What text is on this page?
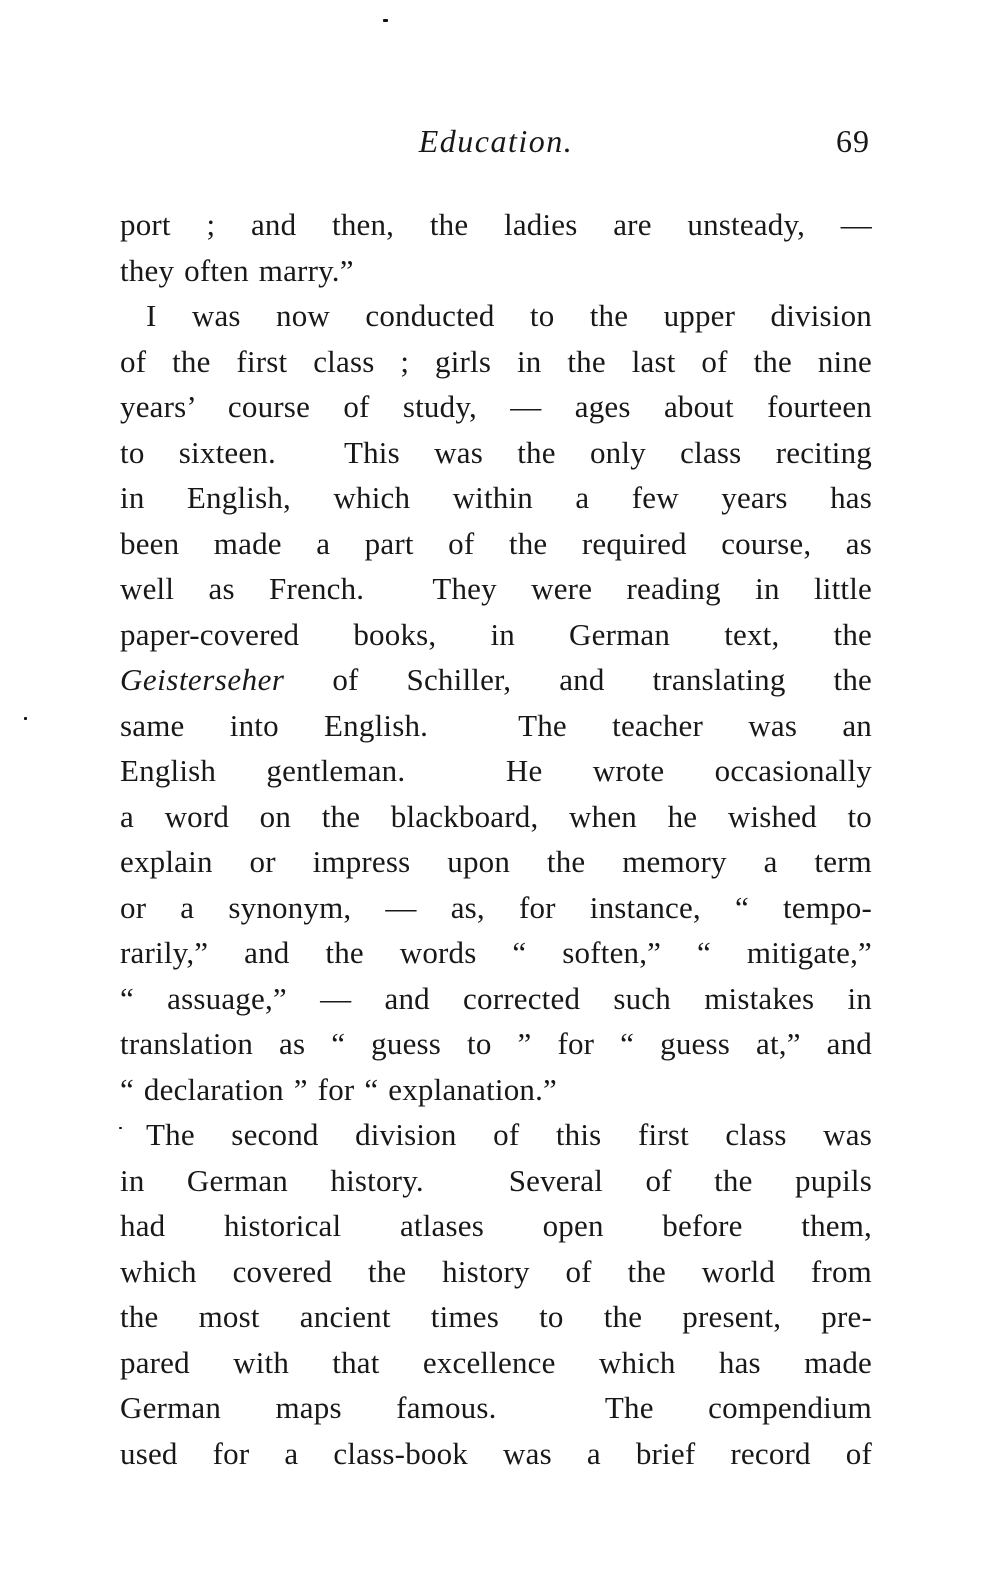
Education.	69
port ; and then, the ladies are unsteady, —
they often marry.”
I was now conducted to the upper division
of the first class ; girls in the last of the nine
years’ course of study, — ages about fourteen
to sixteen.  This was the only class reciting
in English, which within a few years has
been made a part of the required course, as
well as French.  They were reading in little
paper-covered books, in German text, the
Geisterseher of Schiller, and translating the
same into English.  The teacher was an
English gentleman.  He wrote occasionally
a word on the blackboard, when he wished to
explain or impress upon the memory a term
or a synonym, — as, for instance, “ tempo-
rarily,” and the words “ soften,” “ mitigate,”
“ assuage,” — and corrected such mistakes in
translation as “ guess to ” for “ guess at,” and
“ declaration ” for “ explanation.”
The second division of this first class was
in German history.  Several of the pupils
had historical atlases open before them,
which covered the history of the world from
the most ancient times to the present, pre-
pared with that excellence which has made
German maps famous.  The compendium
used for a class-book was a brief record of
